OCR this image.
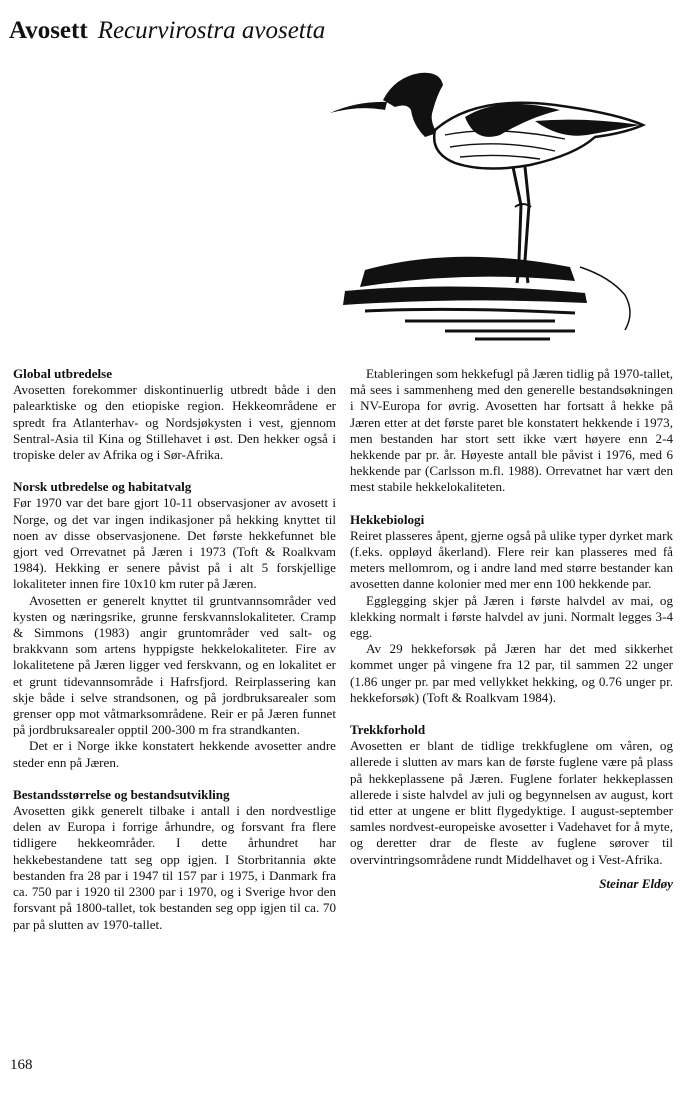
Avosett Recurvirostra avosetta
Global utbredelse

Avosetten forekommer diskontinuerlig utbredt både i den palearktiske og den etiopiske region. Hekkeområdene er spredt fra Atlanterhav- og Nordsjøkysten i vest, gjennom Sentral-Asia til Kina og Stillehavet i øst. Den hekker også i tropiske deler av Afrika og i Sør-Afrika.

Norsk utbredelse og habitatvalg

Før 1970 var det bare gjort 10-11 observasjoner av avosett i Norge, og det var ingen indikasjoner på hekking knyttet til noen av disse observasjonene. Det første hekkefunnet ble gjort ved Orrevatnet på Jæren i 1973 (Toft & Roalkvam 1984). Hekking er senere påvist på i alt 5 forskjellige lokaliteter innen fire 10x10 km ruter på Jæren.

Avosetten er generelt knyttet til gruntvannsområder ved kysten og næringsrike, grunne ferskvannslokaliteter. Cramp & Simmons (1983) angir gruntområder ved salt- og brakkvann som artens hyppigste hekkelokaliteter. Fire av lokalitetene på Jæren ligger ved ferskvann, og en lokalitet er et grunt tidevannsområde i Hafrsfjord. Reirplassering kan skje både i selve strandsonen, og på jordbruksarealer som grenser opp mot våtmarksområdene. Reir er på Jæren funnet på jordbruksarealer opptil 200-300 m fra strandkanten.

Det er i Norge ikke konstatert hekkende avosetter andre steder enn på Jæren.

Bestandsstørrelse og bestandsutvikling

Avosetten gikk generelt tilbake i antall i den nordvestlige delen av Europa i forrige århundre, og forsvant fra flere tidligere hekkeområder. I dette århundret har hekkebestandene tatt seg opp igjen. I Storbritannia økte bestanden fra 28 par i 1947 til 157 par i 1975, i Danmark fra ca. 750 par i 1920 til 2300 par i 1970, og i Sverige hvor den forsvant på 1800-tallet, tok bestanden seg opp igjen til ca. 70 par på slutten av 1970-tallet.

Etableringen som hekkefugl på Jæren tidlig på 1970-tallet, må sees i sammenheng med den generelle bestandsøkningen i NV-Europa for øvrig. Avosetten har fortsatt å hekke på Jæren etter at det første paret ble konstatert hekkende i 1973, men bestanden har stort sett ikke vært høyere enn 2-4 hekkende par pr. år. Høyeste antall ble påvist i 1976, med 6 hekkende par (Carlsson m.fl. 1988). Orrevatnet har vært den mest stabile hekkelokaliteten.

Hekkebiologi

Reiret plasseres åpent, gjerne også på ulike typer dyrket mark (f.eks. oppløyd åkerland). Flere reir kan plasseres med få meters mellomrom, og i andre land med større bestander kan avosetten danne kolonier med mer enn 100 hekkende par.

Egglegging skjer på Jæren i første halvdel av mai, og klekking normalt i første halvdel av juni. Normalt legges 3-4 egg.

Av 29 hekkeforsøk på Jæren har det med sikkerhet kommet unger på vingene fra 12 par, til sammen 22 unger (1.86 unger pr. par med vellykket hekking, og 0.76 unger pr. hekkeforsøk) (Toft & Roalkvam 1984).

Trekkforhold

Avosetten er blant de tidlige trekkfuglene om våren, og allerede i slutten av mars kan de første fuglene være på plass på hekkeplassene på Jæren. Fuglene forlater hekkeplassen allerede i siste halvdel av juli og begynnelsen av august, kort tid etter at ungene er blitt flygedyktige. I august-september samles nordvest-europeiske avosetter i Vadehavet for å myte, og deretter drar de fleste av fuglene sørover til overvintringsområdene rundt Middelhavet og i Vest-Afrika.

Steinar Eldøy
168
